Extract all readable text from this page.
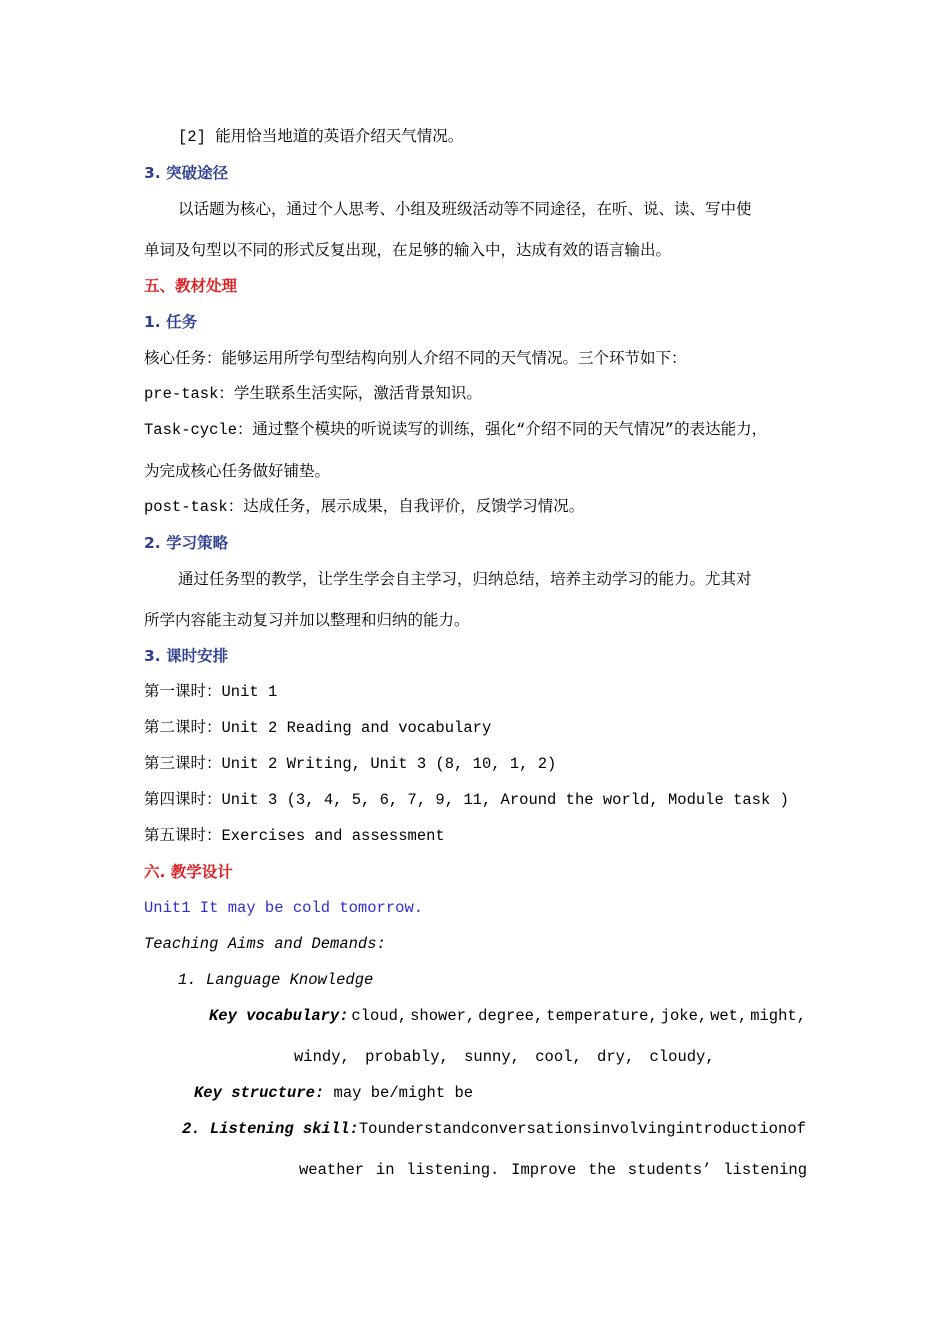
[2] 能用恰当地道的英语介绍天气情况。
3. 突破途径
以话题为核心，通过个人思考、小组及班级活动等不同途径，在听、说、读、写中使
单词及句型以不同的形式反复出现，在足够的输入中，达成有效的语言输出。
五、教材处理
1. 任务
核心任务：能够运用所学句型结构向别人介绍不同的天气情况。三个环节如下：
pre-task：学生联系生活实际，激活背景知识。
Task-cycle：通过整个模块的听说读写的训练，强化“介绍不同的天气情况”的表达能力，
为完成核心任务做好铺垫。
post-task：达成任务，展示成果，自我评价，反馈学习情况。
2. 学习策略
通过任务型的教学，让学生学会自主学习，归纳总结，培养主动学习的能力。尤其对
所学内容能主动复习并加以整理和归纳的能力。
3. 课时安排
第一课时：Unit 1
第二课时：Unit 2 Reading and vocabulary
第三课时：Unit 2 Writing, Unit 3 (8, 10, 1, 2)
第四课时：Unit 3 (3, 4, 5, 6, 7, 9, 11, Around the world, Module task )
第五课时：Exercises and assessment
六. 教学设计
Unit1 It may be cold tomorrow.
Teaching Aims and Demands:
1. Language Knowledge
Key vocabulary: cloud, shower, degree, temperature, joke, wet, might,
windy, probably, sunny, cool, dry, cloudy,
Key structure: may be/might be
2. Listening skill: To understand conversations involving introduction of
weather in listening. Improve the students’ listening
